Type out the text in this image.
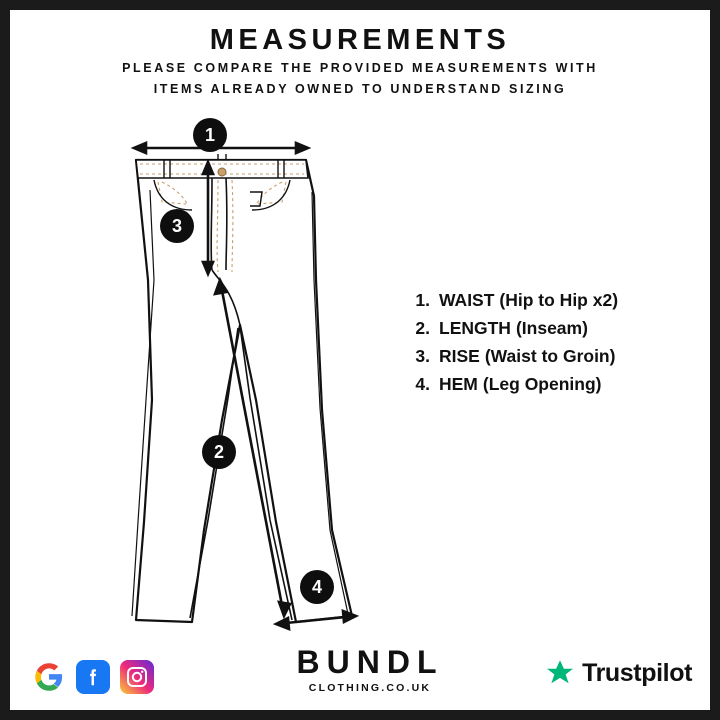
MEASUREMENTS
PLEASE COMPARE THE PROVIDED MEASUREMENTS WITH
ITEMS ALREADY OWNED TO UNDERSTAND SIZING
1
2
3
4
1. WAIST (Hip to Hip x2)
2. LENGTH (Inseam)
3. RISE (Waist to Groin)
4. HEM (Leg Opening)
BUNDL
CLOTHING.CO.UK
Trustpilot
